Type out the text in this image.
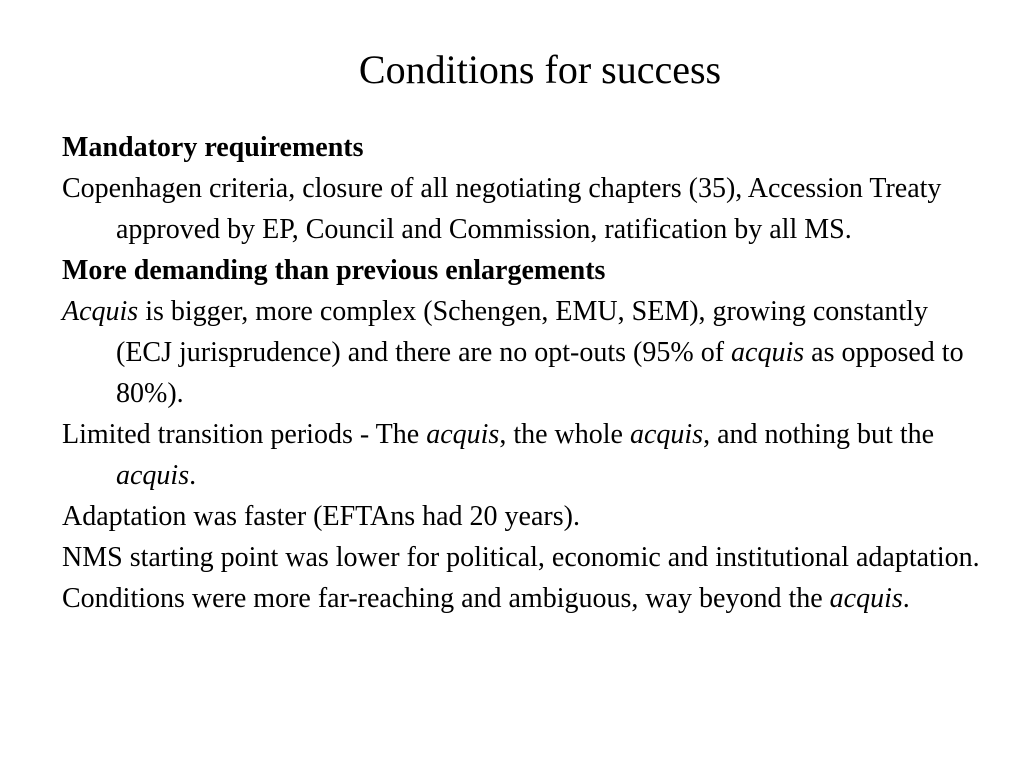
Conditions for success

Mandatory requirements

Copenhagen criteria, closure of all negotiating chapters (35), Accession Treaty approved by EP, Council and Commission, ratification by all MS.

More demanding than previous enlargements

Acquis is bigger, more complex (Schengen, EMU, SEM), growing constantly (ECJ jurisprudence) and there are no opt-outs (95% of acquis as opposed to 80%).

Limited transition periods - The acquis, the whole acquis, and nothing but the acquis.

Adaptation was faster (EFTAns had 20 years).

NMS starting point was lower for political, economic and institutional adaptation.

Conditions were more far-reaching and ambiguous, way beyond the acquis.
